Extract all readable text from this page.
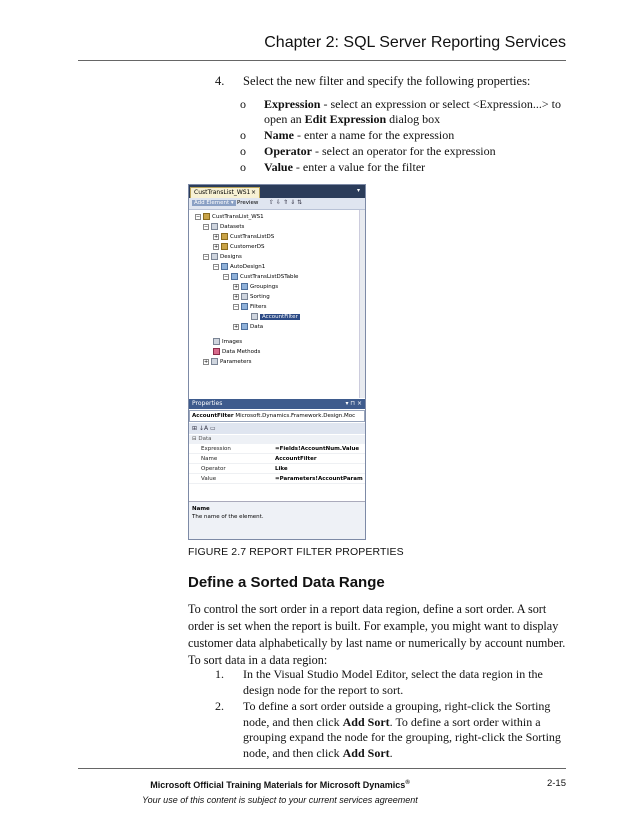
Chapter 2: SQL Server Reporting Services
4. Select the new filter and specify the following properties:
o Expression - select an expression or select <Expression...> to open an Edit Expression dialog box
o Name - enter a name for the expression
o Operator - select an operator for the expression
o Value - enter a value for the filter
CustTransList_WS1 ×	▾
Add Element ▾ Preview ⇧⇩⇑⇓⇅
− CustTransList_WS1
− Datasets
+ CustTransListDS
+ CustomerDS
− Designs
− AutoDesign1
− CustTransListDSTable
+ Groupings
+ Sorting
− Filters
AccountFilter
+ Data
Images
Data Methods
+ Parameters
Properties	▾ ⊓ ×
AccountFilter Microsoft.Dynamics.Framework.Design.Moc
⊞ ↓A ▭
⊟ Data
Expression	=Fields!AccountNum.Value
Name	AccountFilter
Operator	Like
Value	=Parameters!AccountParam
Name
The name of the element.
FIGURE 2.7 REPORT FILTER PROPERTIES
Define a Sorted Data Range
To control the sort order in a report data region, define a sort order. A sort order is set when the report is built. For example, you might want to display customer data alphabetically by last name or numerically by account number. To sort data in a data region:
1. In the Visual Studio Model Editor, select the data region in the design node for the report to sort.
2. To define a sort order outside a grouping, right-click the Sorting node, and then click Add Sort. To define a sort order within a grouping expand the node for the grouping, right-click the Sorting node, and then click Add Sort.
Microsoft Official Training Materials for Microsoft Dynamics®
Your use of this content is subject to your current services agreement
2-15
